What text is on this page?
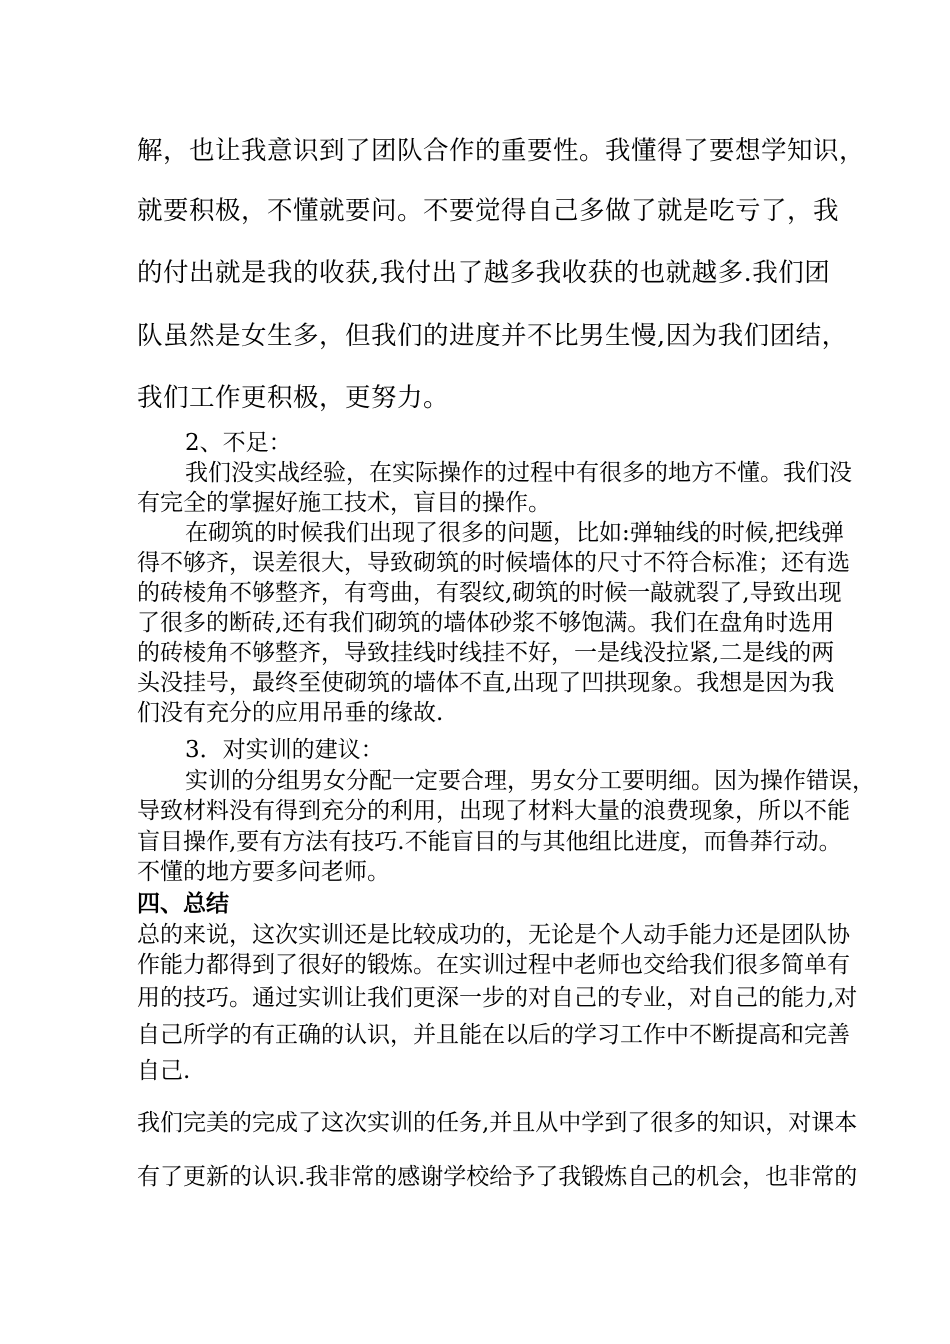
解，也让我意识到了团队合作的重要性。我懂得了要想学知识，
就要积极，不懂就要问。不要觉得自己多做了就是吃亏了，我
的付出就是我的收获,我付出了越多我收获的也就越多.我们团
队虽然是女生多，但我们的进度并不比男生慢,因为我们团结，
我们工作更积极，更努力。
2、不足：
我们没实战经验，在实际操作的过程中有很多的地方不懂。我们没
有完全的掌握好施工技术，盲目的操作。
在砌筑的时候我们出现了很多的问题，比如:弹轴线的时候,把线弹
得不够齐，误差很大，导致砌筑的时候墙体的尺寸不符合标准；还有选
的砖棱角不够整齐，有弯曲，有裂纹,砌筑的时候一敲就裂了,导致出现
了很多的断砖,还有我们砌筑的墙体砂浆不够饱满。我们在盘角时选用
的砖棱角不够整齐，导致挂线时线挂不好，一是线没拉紧,二是线的两
头没挂号，最终至使砌筑的墙体不直,出现了凹拱现象。我想是因为我
们没有充分的应用吊垂的缘故.
3．对实训的建议：
实训的分组男女分配一定要合理，男女分工要明细。因为操作错误，
导致材料没有得到充分的利用，出现了材料大量的浪费现象，所以不能
盲目操作,要有方法有技巧.不能盲目的与其他组比进度，而鲁莽行动。
不懂的地方要多问老师。
四、总结
总的来说，这次实训还是比较成功的，无论是个人动手能力还是团队协
作能力都得到了很好的锻炼。在实训过程中老师也交给我们很多简单有
用的技巧。通过实训让我们更深一步的对自己的专业，对自己的能力,对
自己所学的有正确的认识，并且能在以后的学习工作中不断提高和完善
自己.
我们完美的完成了这次实训的任务,并且从中学到了很多的知识，对课本
有了更新的认识.我非常的感谢学校给予了我锻炼自己的机会，也非常的
